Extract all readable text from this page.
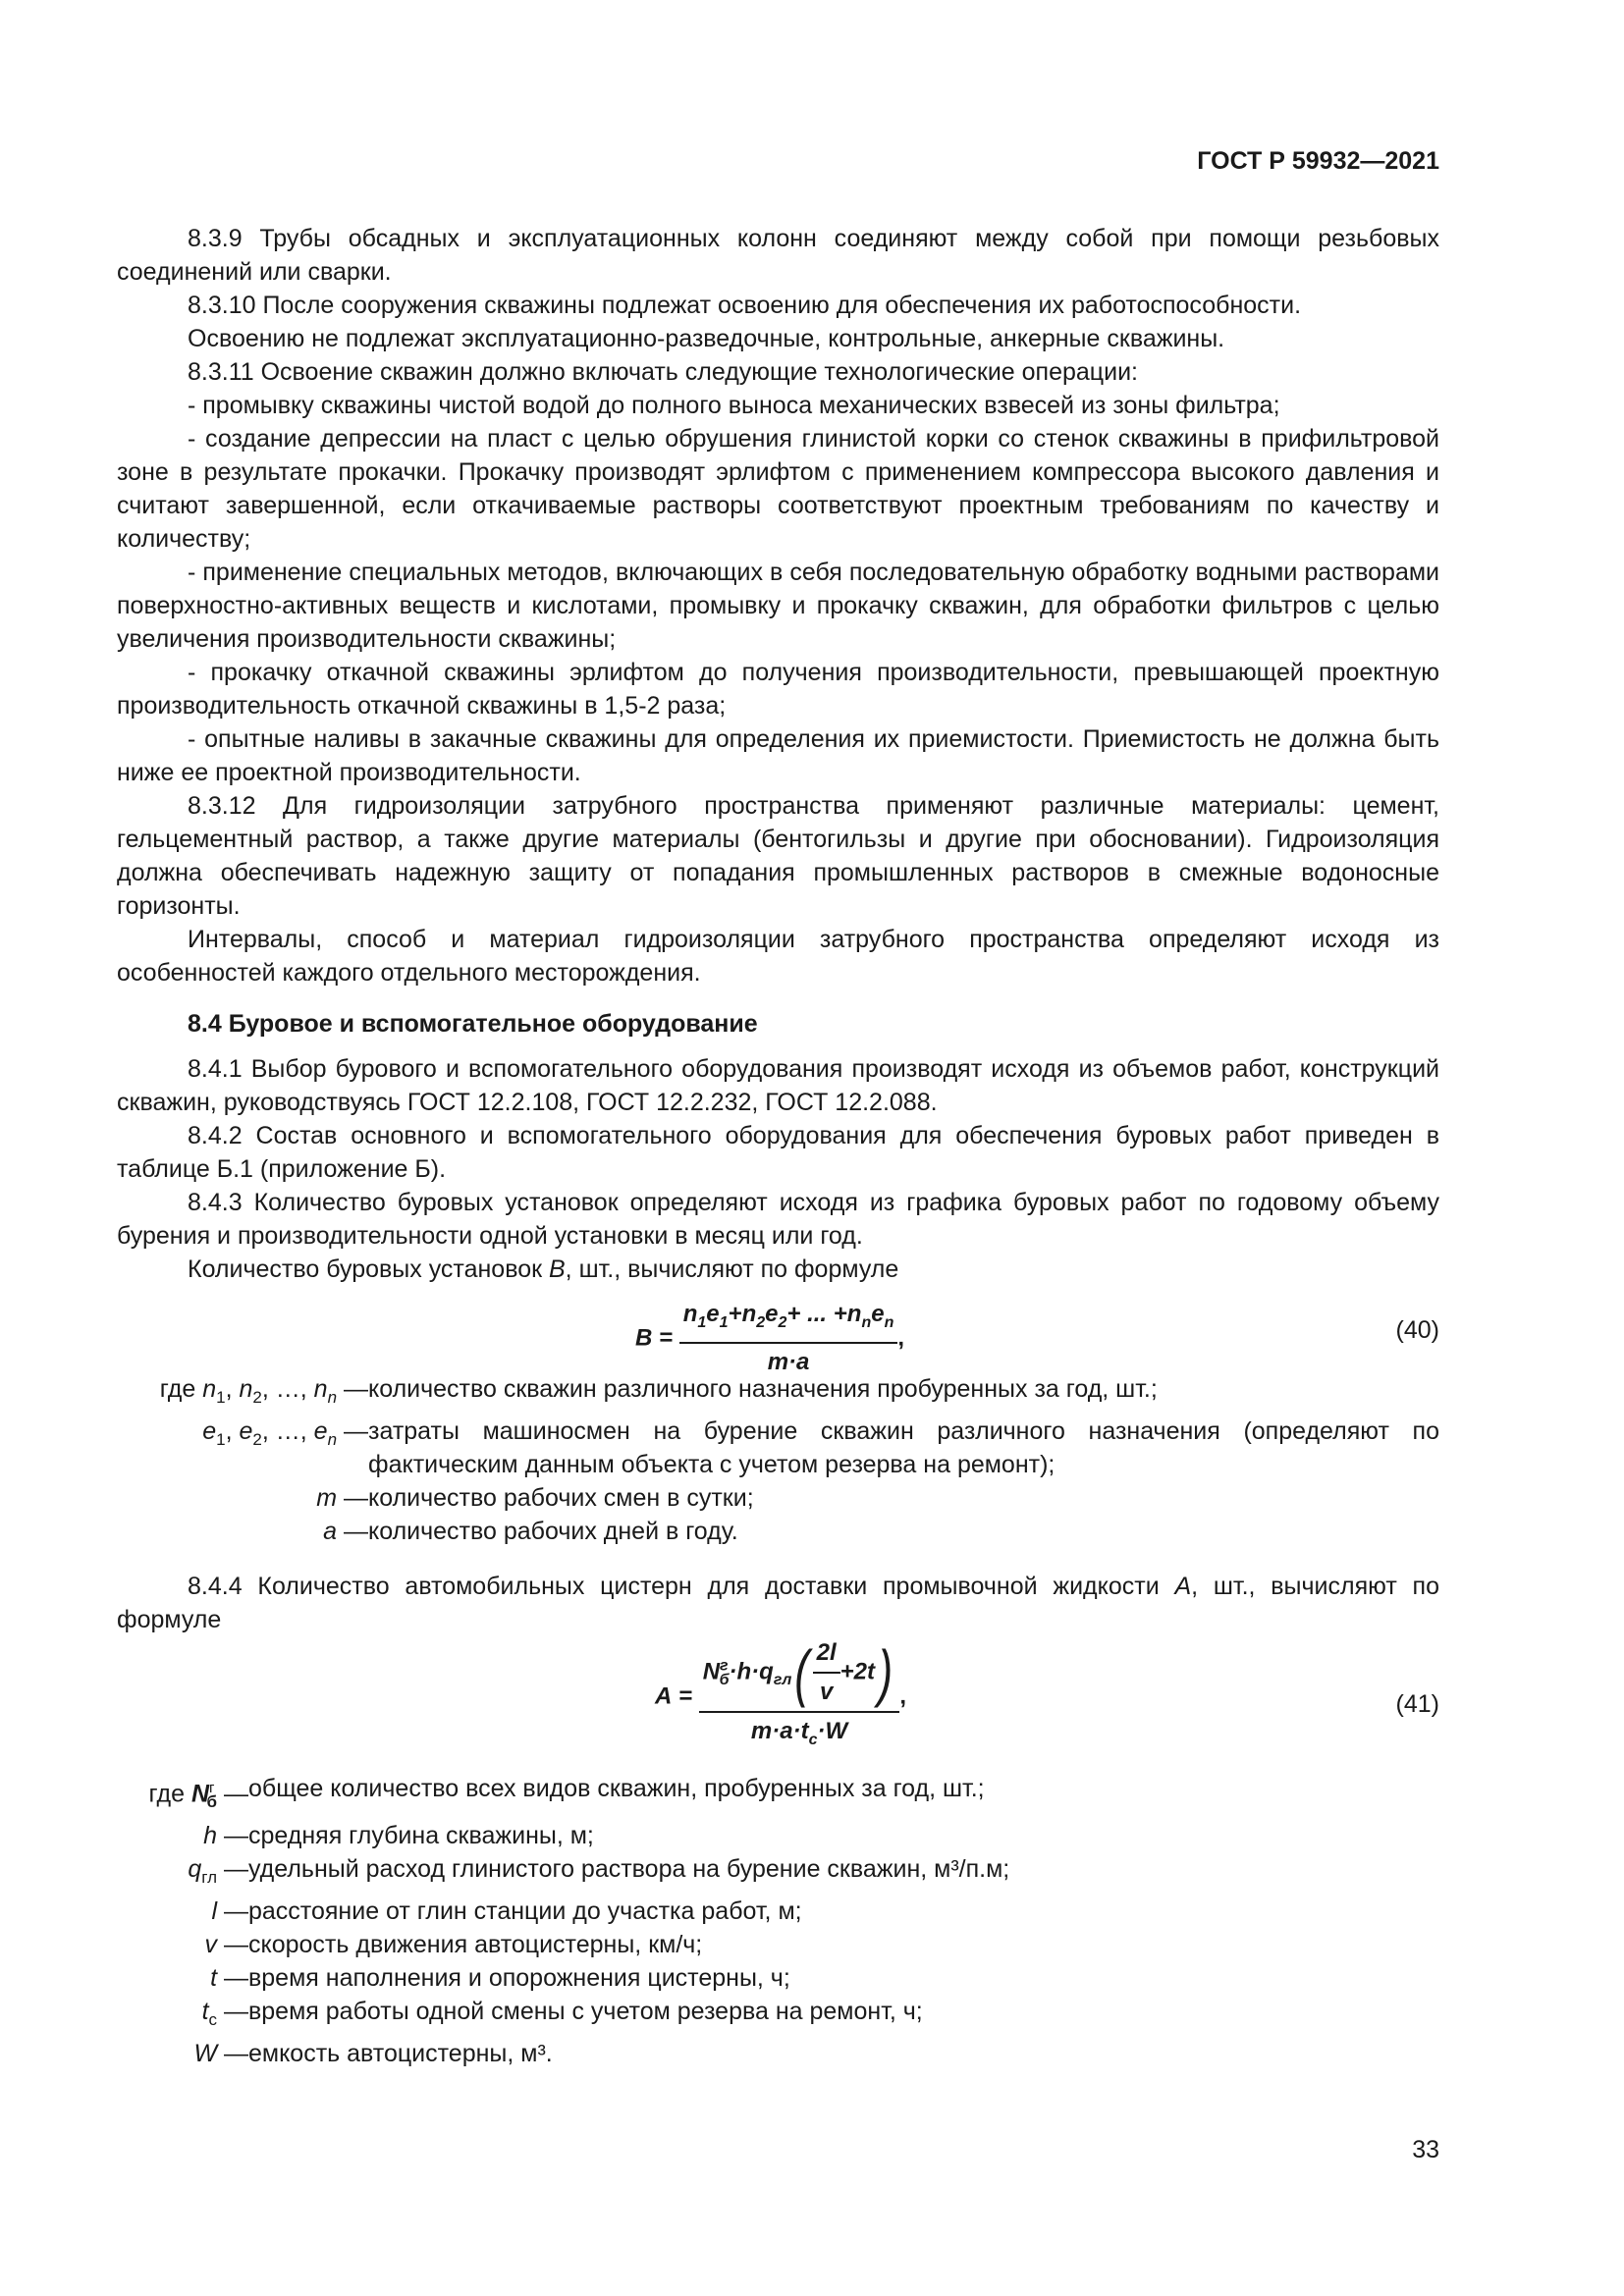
ГОСТ Р 59932—2021

8.3.9 Трубы обсадных и эксплуатационных колонн соединяют между собой при помощи резьбовых соединений или сварки.

8.3.10 После сооружения скважины подлежат освоению для обеспечения их работоспособности.

Освоению не подлежат эксплуатационно-разведочные, контрольные, анкерные скважины.

8.3.11 Освоение скважин должно включать следующие технологические операции:

- промывку скважины чистой водой до полного выноса механических взвесей из зоны фильтра;

- создание депрессии на пласт с целью обрушения глинистой корки со стенок скважины в прифильтровой зоне в результате прокачки. Прокачку производят эрлифтом с применением компрессора высокого давления и считают завершенной, если откачиваемые растворы соответствуют проектным требованиям по качеству и количеству;

- применение специальных методов, включающих в себя последовательную обработку водными растворами поверхностно-активных веществ и кислотами, промывку и прокачку скважин, для обработки фильтров с целью увеличения производительности скважины;

- прокачку откачной скважины эрлифтом до получения производительности, превышающей проектную производительность откачной скважины в 1,5-2 раза;

- опытные наливы в закачные скважины для определения их приемистости. Приемистость не должна быть ниже ее проектной производительности.

8.3.12 Для гидроизоляции затрубного пространства применяют различные материалы: цемент, гельцементный раствор, а также другие материалы (бентогильзы и другие при обосновании). Гидроизоляция должна обеспечивать надежную защиту от попадания промышленных растворов в смежные водоносные горизонты.

Интервалы, способ и материал гидроизоляции затрубного пространства определяют исходя из особенностей каждого отдельного месторождения.

8.4 Буровое и вспомогательное оборудование

8.4.1 Выбор бурового и вспомогательного оборудования производят исходя из объемов работ, конструкций скважин, руководствуясь ГОСТ 12.2.108, ГОСТ 12.2.232, ГОСТ 12.2.088.

8.4.2 Состав основного и вспомогательного оборудования для обеспечения буровых работ приведен в таблице Б.1 (приложение Б).

8.4.3 Количество буровых установок определяют исходя из графика буровых работ по годовому объему бурения и производительности одной установки в месяц или год.

Количество буровых установок B, шт., вычисляют по формуле

$B = \frac{n_1e_1+n_2e_2+ ... +n_ne_n}{m\cdot a}$ ,	(40)
где $n_1$, $n_2$, …, $n_n$ — количество скважин различного назначения пробуренных за год, шт.;
$e_1$, $e_2$, …, $e_n$ — затраты машиносмен на бурение скважин различного назначения (определяют по фактическим данным объекта с учетом резерва на ремонт);
m — количество рабочих смен в сутки;
a — количество рабочих дней в году.

8.4.4 Количество автомобильных цистерн для доставки промывочной жидкости A, шт., вычисляют по формуле

$A = \frac{N^г_б\cdot h\cdot q_{гл}( \frac{2l}{v} +2t)}{m\cdot a\cdot t_c\cdot W}$ ,	(41)
где $N^г_б$ — общее количество всех видов скважин, пробуренных за год, шт.;
h — средняя глубина скважины, м;
$q_{гл}$ — удельный расход глинистого раствора на бурение скважин, м³/п.м;
l — расстояние от глин станции до участка работ, м;
v — скорость движения автоцистерны, км/ч;
t — время наполнения и опорожнения цистерны, ч;
$t_c$ — время работы одной смены с учетом резерва на ремонт, ч;
W — емкость автоцистерны, м³.
33
